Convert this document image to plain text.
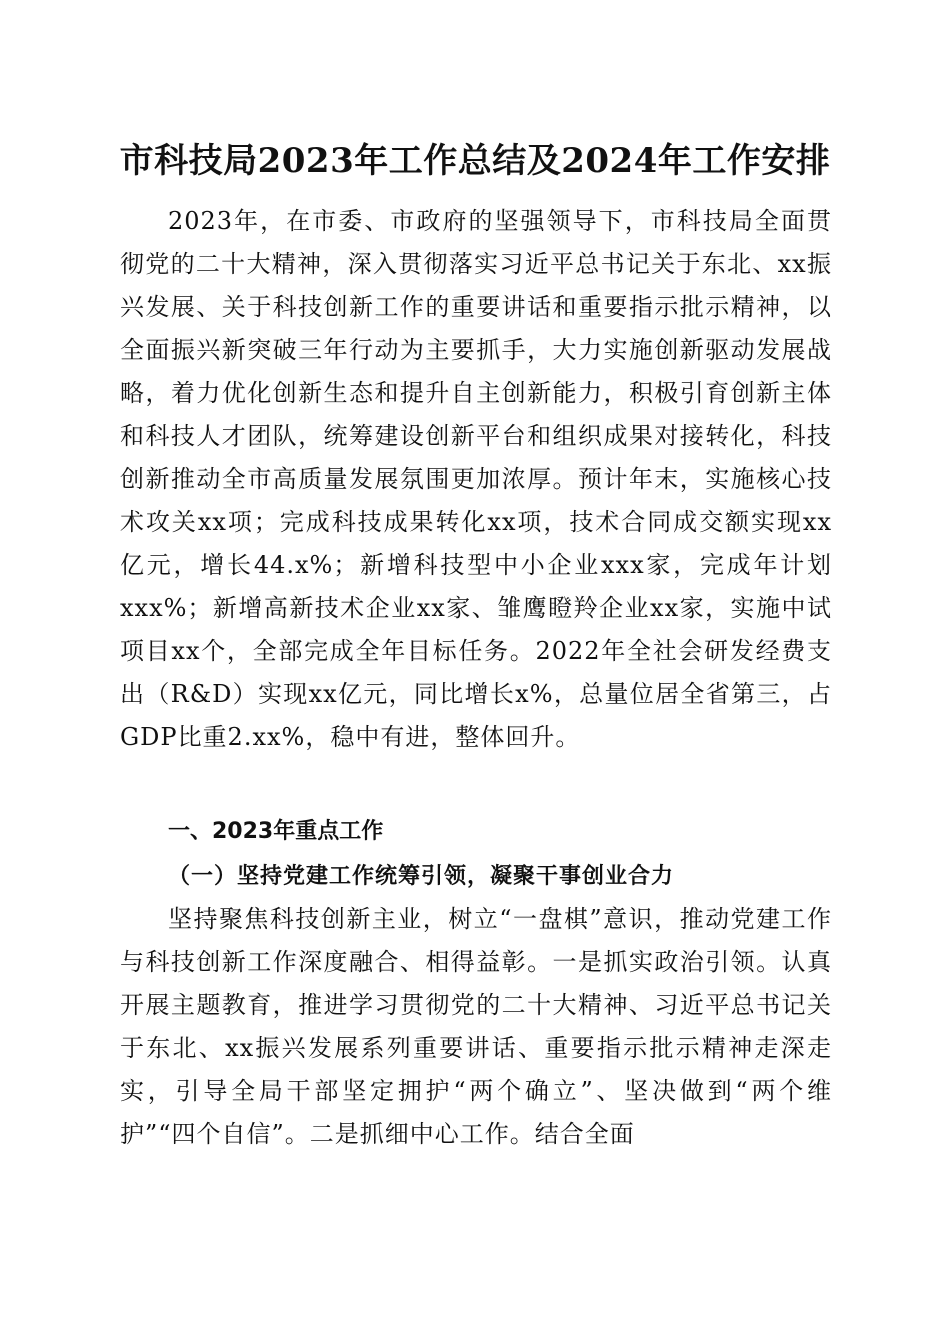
市科技局2023年工作总结及2024年工作安排

2023年，在市委、市政府的坚强领导下，市科技局全面贯彻党的二十大精神，深入贯彻落实习近平总书记关于东北、xx振兴发展、关于科技创新工作的重要讲话和重要指示批示精神，以全面振兴新突破三年行动为主要抓手，大力实施创新驱动发展战略，着力优化创新生态和提升自主创新能力，积极引育创新主体和科技人才团队，统筹建设创新平台和组织成果对接转化，科技创新推动全市高质量发展氛围更加浓厚。预计年末，实施核心技术攻关xx项；完成科技成果转化xx项，技术合同成交额实现xx亿元，增长44.x%；新增科技型中小企业xxx家，完成年计划xxx%；新增高新技术企业xx家、雏鹰瞪羚企业xx家，实施中试项目xx个，全部完成全年目标任务。2022年全社会研发经费支出（R&D）实现xx亿元，同比增长x%，总量位居全省第三，占GDP比重2.xx%，稳中有进，整体回升。

一、2023年重点工作
（一）坚持党建工作统筹引领，凝聚干事创业合力

坚持聚焦科技创新主业，树立“一盘棋”意识，推动党建工作与科技创新工作深度融合、相得益彰。一是抓实政治引领。认真开展主题教育，推进学习贯彻党的二十大精神、习近平总书记关于东北、xx振兴发展系列重要讲话、重要指示批示精神走深走实，引导全局干部坚定拥护“两个确立”、坚决做到“两个维护”“四个自信”。二是抓细中心工作。结合全面
